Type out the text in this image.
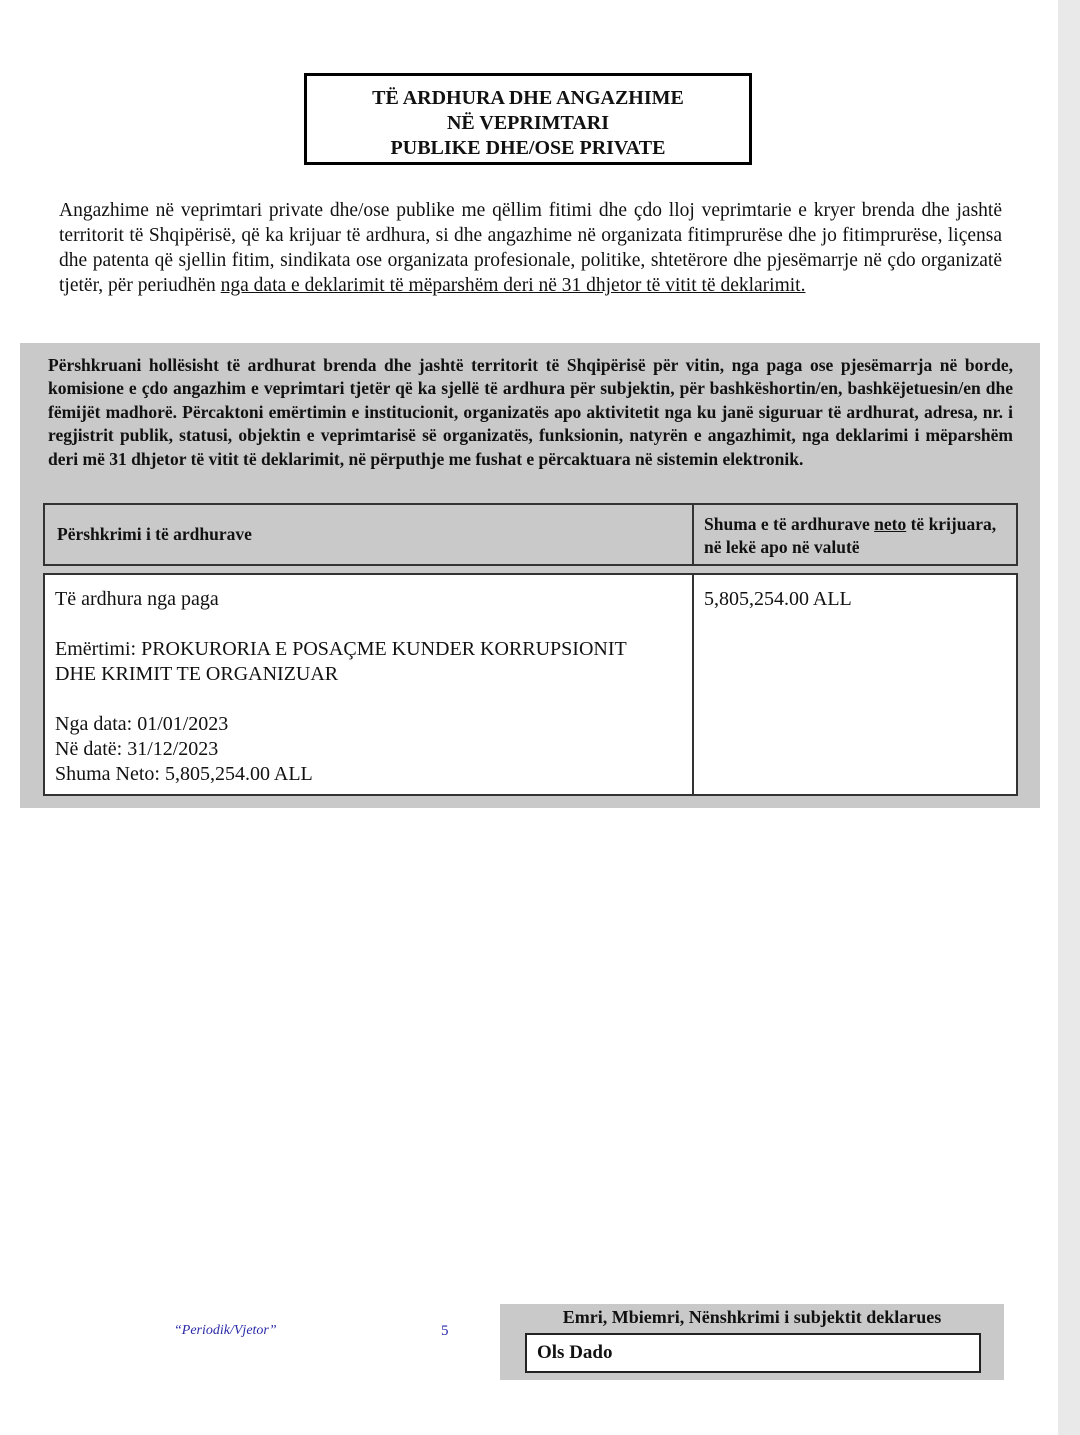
TË ARDHURA DHE ANGAZHIME
NË VEPRIMTARI
PUBLIKE DHE/OSE PRIVATE
Angazhime në veprimtari private dhe/ose publike me qëllim fitimi dhe çdo lloj veprimtarie e kryer brenda dhe jashtë territorit të Shqipërisë, që ka krijuar të ardhura, si dhe angazhime në organizata fitimprurëse dhe jo fitimprurëse, liçensa dhe patenta që sjellin fitim, sindikata ose organizata profesionale, politike, shtetërore dhe pjesëmarrje në çdo organizatë tjetër, për periudhën nga data e deklarimit të mëparshëm deri në 31 dhjetor të vitit të deklarimit.
Përshkruani hollësisht të ardhurat brenda dhe jashtë territorit të Shqipërisë për vitin, nga paga ose pjesëmarrja në borde, komisione e çdo angazhim e veprimtari tjetër që ka sjellë të ardhura për subjektin, për bashkëshortin/en, bashkëjetuesin/en dhe fëmijët madhorë. Përcaktoni emërtimin e institucionit, organizatës apo aktivitetit nga ku janë siguruar të ardhurat, adresa, nr. i regjistrit publik, statusi, objektin e veprimtarisë së organizatës, funksionin, natyrën e angazhimit, nga deklarimi i mëparshëm deri më 31 dhjetor të vitit të deklarimit, në përputhje me fushat e përcaktuara në sistemin elektronik.
Përshkrimi i të ardhurave	Shuma e të ardhurave neto të krijuara, në lekë apo në valutë
Të ardhura nga paga
Emërtimi: PROKURORIA E POSAÇME KUNDER KORRUPSIONIT
DHE KRIMIT TE ORGANIZUAR
Nga data: 01/01/2023
Në datë: 31/12/2023
Shuma Neto: 5,805,254.00 ALL
5,805,254.00 ALL
“Periodik/Vjetor”	5
Emri, Mbiemri, Nënshkrimi i subjektit deklarues
Ols Dado
